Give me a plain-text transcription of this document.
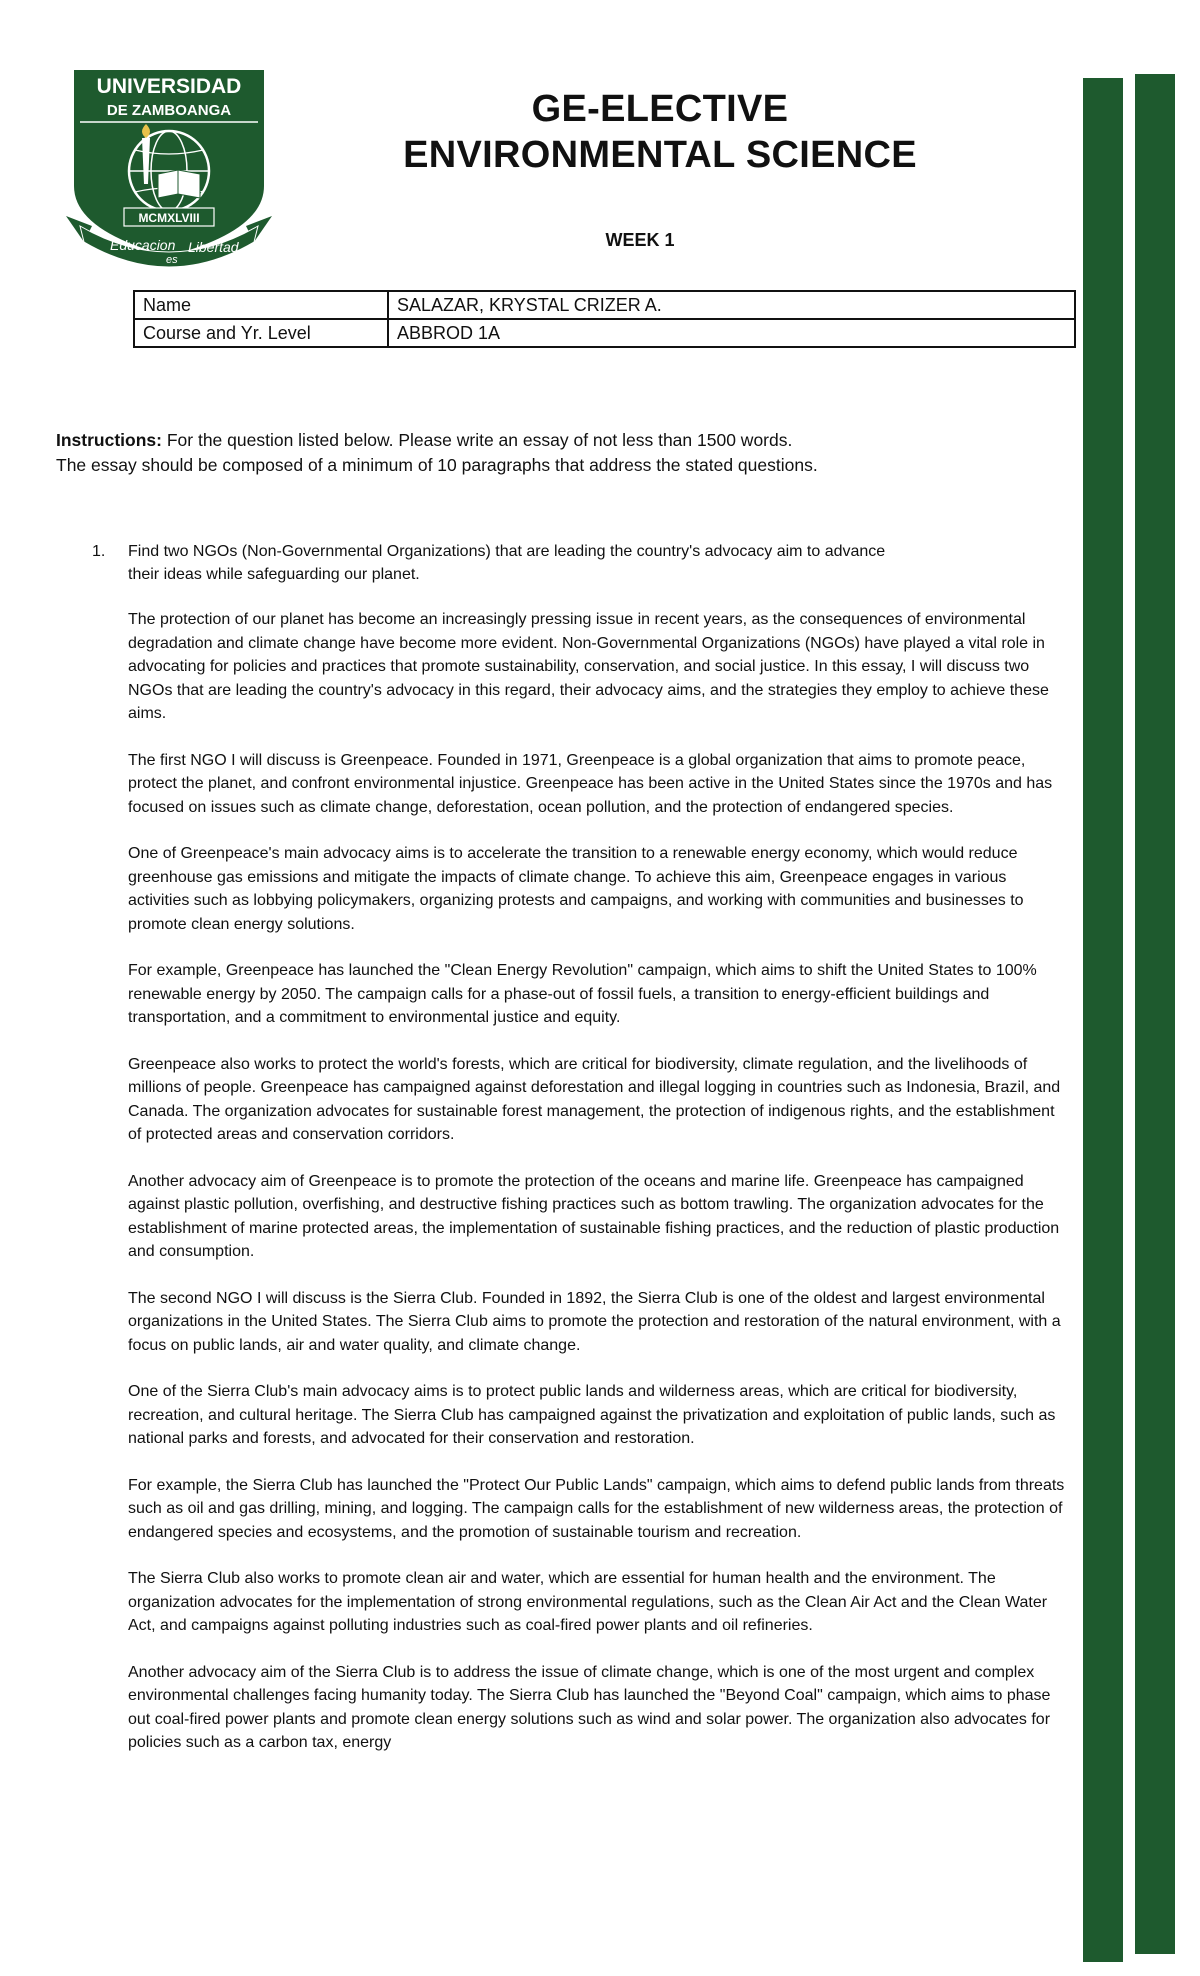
UNIVERSIDAD
DE ZAMBOANGA
MCMXLVIII
Educacion
es
Libertad
GE-ELECTIVE
ENVIRONMENTAL SCIENCE
WEEK 1
Name	SALAZAR, KRYSTAL CRIZER A.
Course and Yr. Level	ABBROD 1A
Instructions: For the question listed below. Please write an essay of not less than 1500 words.
The essay should be composed of a minimum of 10 paragraphs that address the stated questions.
1. Find two NGOs (Non-Governmental Organizations) that are leading the country's advocacy aim to advance their ideas while safeguarding our planet.

The protection of our planet has become an increasingly pressing issue in recent years, as the consequences of environmental degradation and climate change have become more evident. Non-Governmental Organizations (NGOs) have played a vital role in advocating for policies and practices that promote sustainability, conservation, and social justice. In this essay, I will discuss two NGOs that are leading the country's advocacy in this regard, their advocacy aims, and the strategies they employ to achieve these aims.

The first NGO I will discuss is Greenpeace. Founded in 1971, Greenpeace is a global organization that aims to promote peace, protect the planet, and confront environmental injustice. Greenpeace has been active in the United States since the 1970s and has focused on issues such as climate change, deforestation, ocean pollution, and the protection of endangered species.

One of Greenpeace's main advocacy aims is to accelerate the transition to a renewable energy economy, which would reduce greenhouse gas emissions and mitigate the impacts of climate change. To achieve this aim, Greenpeace engages in various activities such as lobbying policymakers, organizing protests and campaigns, and working with communities and businesses to promote clean energy solutions.

For example, Greenpeace has launched the "Clean Energy Revolution" campaign, which aims to shift the United States to 100% renewable energy by 2050. The campaign calls for a phase-out of fossil fuels, a transition to energy-efficient buildings and transportation, and a commitment to environmental justice and equity.

Greenpeace also works to protect the world's forests, which are critical for biodiversity, climate regulation, and the livelihoods of millions of people. Greenpeace has campaigned against deforestation and illegal logging in countries such as Indonesia, Brazil, and Canada. The organization advocates for sustainable forest management, the protection of indigenous rights, and the establishment of protected areas and conservation corridors.

Another advocacy aim of Greenpeace is to promote the protection of the oceans and marine life. Greenpeace has campaigned against plastic pollution, overfishing, and destructive fishing practices such as bottom trawling. The organization advocates for the establishment of marine protected areas, the implementation of sustainable fishing practices, and the reduction of plastic production and consumption.

The second NGO I will discuss is the Sierra Club. Founded in 1892, the Sierra Club is one of the oldest and largest environmental organizations in the United States. The Sierra Club aims to promote the protection and restoration of the natural environment, with a focus on public lands, air and water quality, and climate change.

One of the Sierra Club's main advocacy aims is to protect public lands and wilderness areas, which are critical for biodiversity, recreation, and cultural heritage. The Sierra Club has campaigned against the privatization and exploitation of public lands, such as national parks and forests, and advocated for their conservation and restoration.

For example, the Sierra Club has launched the "Protect Our Public Lands" campaign, which aims to defend public lands from threats such as oil and gas drilling, mining, and logging. The campaign calls for the establishment of new wilderness areas, the protection of endangered species and ecosystems, and the promotion of sustainable tourism and recreation.

The Sierra Club also works to promote clean air and water, which are essential for human health and the environment. The organization advocates for the implementation of strong environmental regulations, such as the Clean Air Act and the Clean Water Act, and campaigns against polluting industries such as coal-fired power plants and oil refineries.

Another advocacy aim of the Sierra Club is to address the issue of climate change, which is one of the most urgent and complex environmental challenges facing humanity today. The Sierra Club has launched the "Beyond Coal" campaign, which aims to phase out coal-fired power plants and promote clean energy solutions such as wind and solar power. The organization also advocates for policies such as a carbon tax, energy
